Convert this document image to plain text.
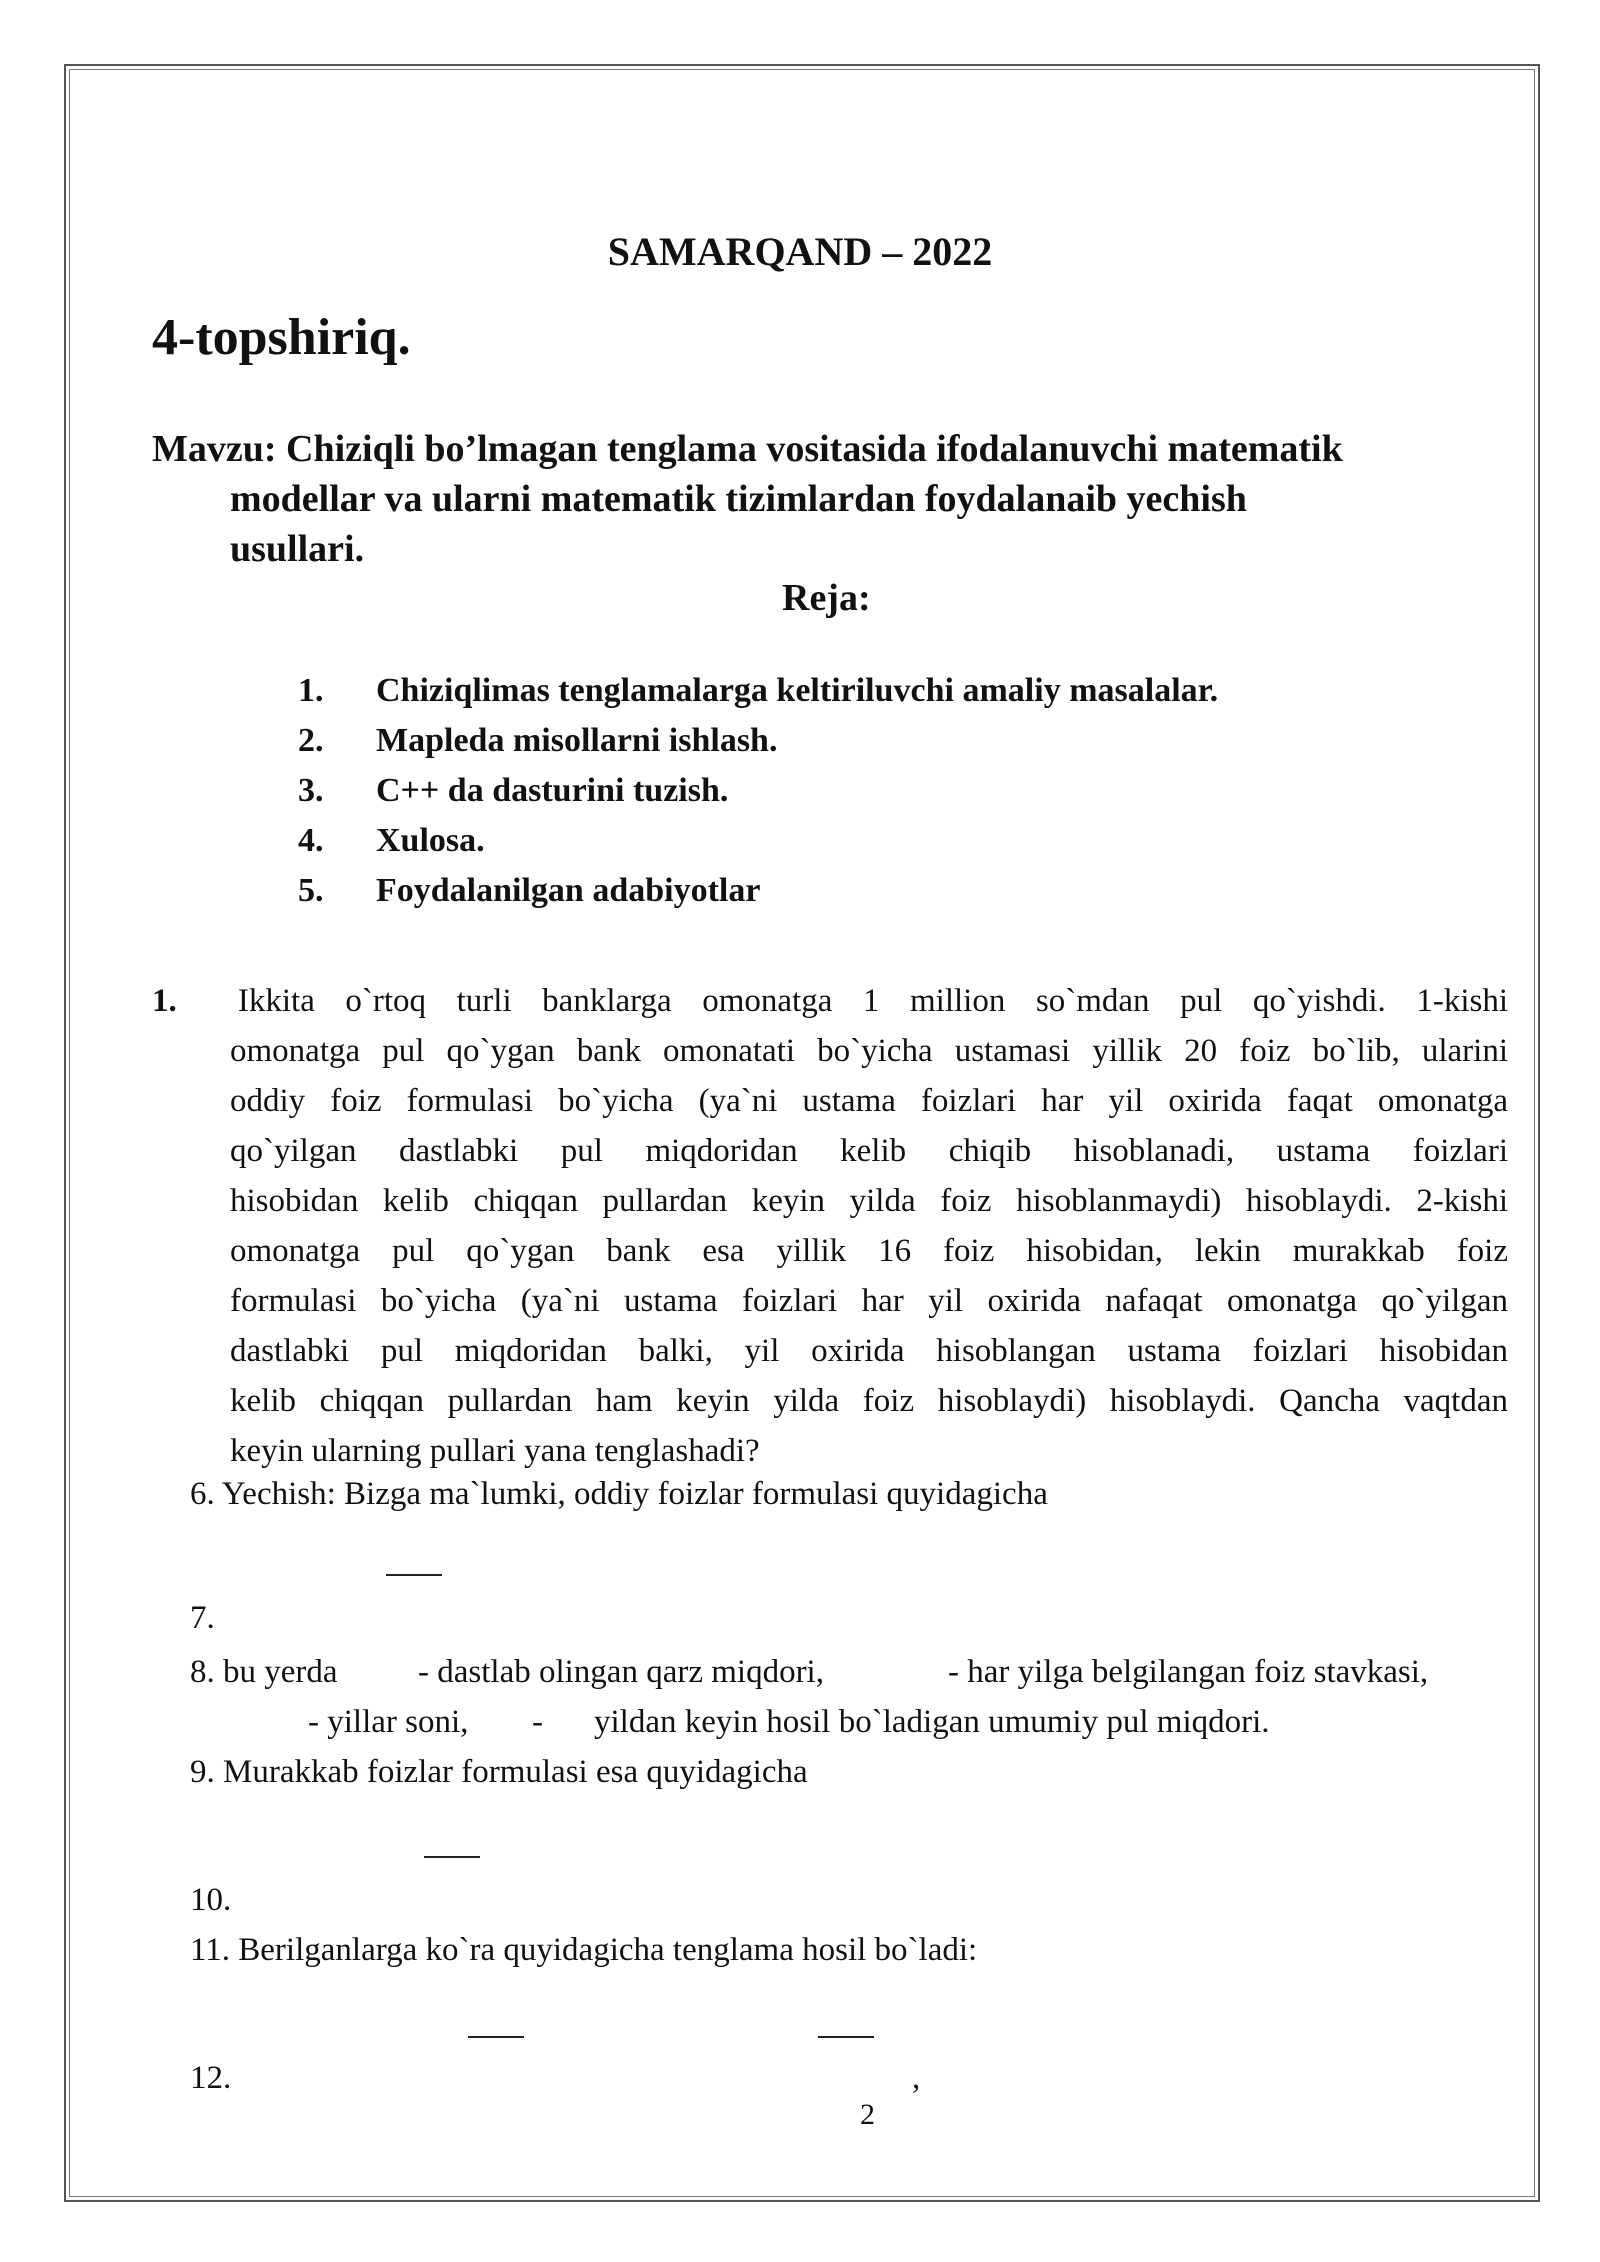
SAMARQAND – 2022
4-topshiriq.
Mavzu: Chiziqli bo’lmagan tenglama vositasida ifodalanuvchi matematik
modellar va ularni matematik tizimlardan foydalanaib yechish
usullari.
Reja:
1. Chiziqlimas tenglamalarga keltiriluvchi amaliy masalalar.
2. Mapleda misollarni ishlash.
3. C++ da dasturini tuzish.
4. Xulosa.
5. Foydalanilgan adabiyotlar
1. Ikkita o`rtoq turli banklarga omonatga 1 million so`mdan pul qo`yishdi. 1-kishi
omonatga pul qo`ygan bank omonatati bo`yicha ustamasi yillik 20 foiz bo`lib, ularini
oddiy foiz formulasi bo`yicha (ya`ni ustama foizlari har yil oxirida faqat omonatga
qo`yilgan dastlabki pul miqdoridan kelib chiqib hisoblanadi, ustama foizlari
hisobidan kelib chiqqan pullardan keyin yilda foiz hisoblanmaydi) hisoblaydi. 2-kishi
omonatga pul qo`ygan bank esa yillik 16 foiz hisobidan, lekin murakkab foiz
formulasi bo`yicha (ya`ni ustama foizlari har yil oxirida nafaqat omonatga qo`yilgan
dastlabki pul miqdoridan balki, yil oxirida hisoblangan ustama foizlari hisobidan
kelib chiqqan pullardan ham keyin yilda foiz hisoblaydi) hisoblaydi. Qancha vaqtdan
keyin ularning pullari yana tenglashadi?
6. Yechish: Bizga ma`lumki, oddiy foizlar formulasi quyidagicha
7.
8. bu yerda - dastlab olingan qarz miqdori,	- har yilga belgilangan foiz stavkasi,
- yillar soni, - yildan keyin hosil bo`ladigan umumiy pul miqdori.
9. Murakkab foizlar formulasi esa quyidagicha
10.
11. Berilganlarga ko`ra quyidagicha tenglama hosil bo`ladi:
12.	,
2
